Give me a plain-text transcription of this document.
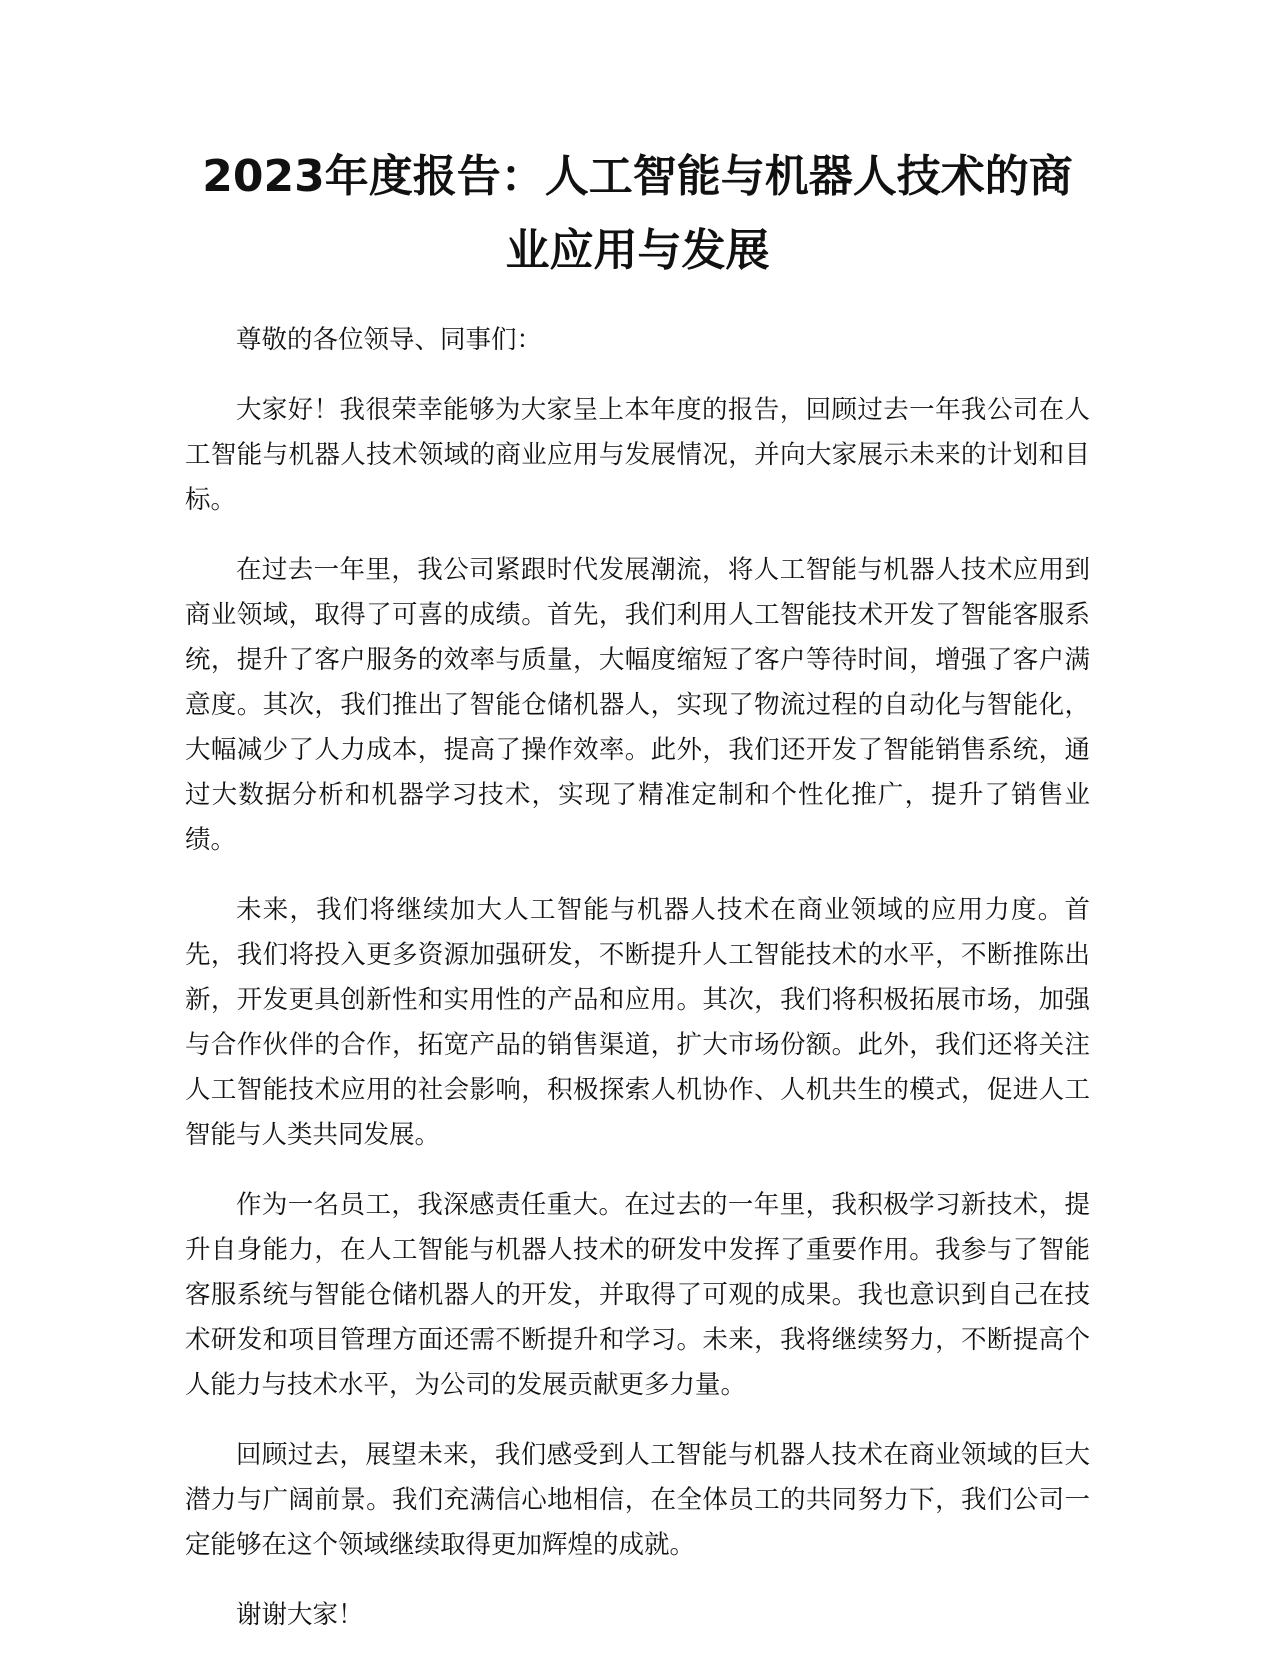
2023年度报告：人工智能与机器人技术的商业应用与发展

尊敬的各位领导、同事们：

大家好！我很荣幸能够为大家呈上本年度的报告，回顾过去一年我公司在人工智能与机器人技术领域的商业应用与发展情况，并向大家展示未来的计划和目标。

在过去一年里，我公司紧跟时代发展潮流，将人工智能与机器人技术应用到商业领域，取得了可喜的成绩。首先，我们利用人工智能技术开发了智能客服系统，提升了客户服务的效率与质量，大幅度缩短了客户等待时间，增强了客户满意度。其次，我们推出了智能仓储机器人，实现了物流过程的自动化与智能化，大幅减少了人力成本，提高了操作效率。此外，我们还开发了智能销售系统，通过大数据分析和机器学习技术，实现了精准定制和个性化推广，提升了销售业绩。

未来，我们将继续加大人工智能与机器人技术在商业领域的应用力度。首先，我们将投入更多资源加强研发，不断提升人工智能技术的水平，不断推陈出新，开发更具创新性和实用性的产品和应用。其次，我们将积极拓展市场，加强与合作伙伴的合作，拓宽产品的销售渠道，扩大市场份额。此外，我们还将关注人工智能技术应用的社会影响，积极探索人机协作、人机共生的模式，促进人工智能与人类共同发展。

作为一名员工，我深感责任重大。在过去的一年里，我积极学习新技术，提升自身能力，在人工智能与机器人技术的研发中发挥了重要作用。我参与了智能客服系统与智能仓储机器人的开发，并取得了可观的成果。我也意识到自己在技术研发和项目管理方面还需不断提升和学习。未来，我将继续努力，不断提高个人能力与技术水平，为公司的发展贡献更多力量。

回顾过去，展望未来，我们感受到人工智能与机器人技术在商业领域的巨大潜力与广阔前景。我们充满信心地相信，在全体员工的共同努力下，我们公司一定能够在这个领域继续取得更加辉煌的成就。

谢谢大家！
